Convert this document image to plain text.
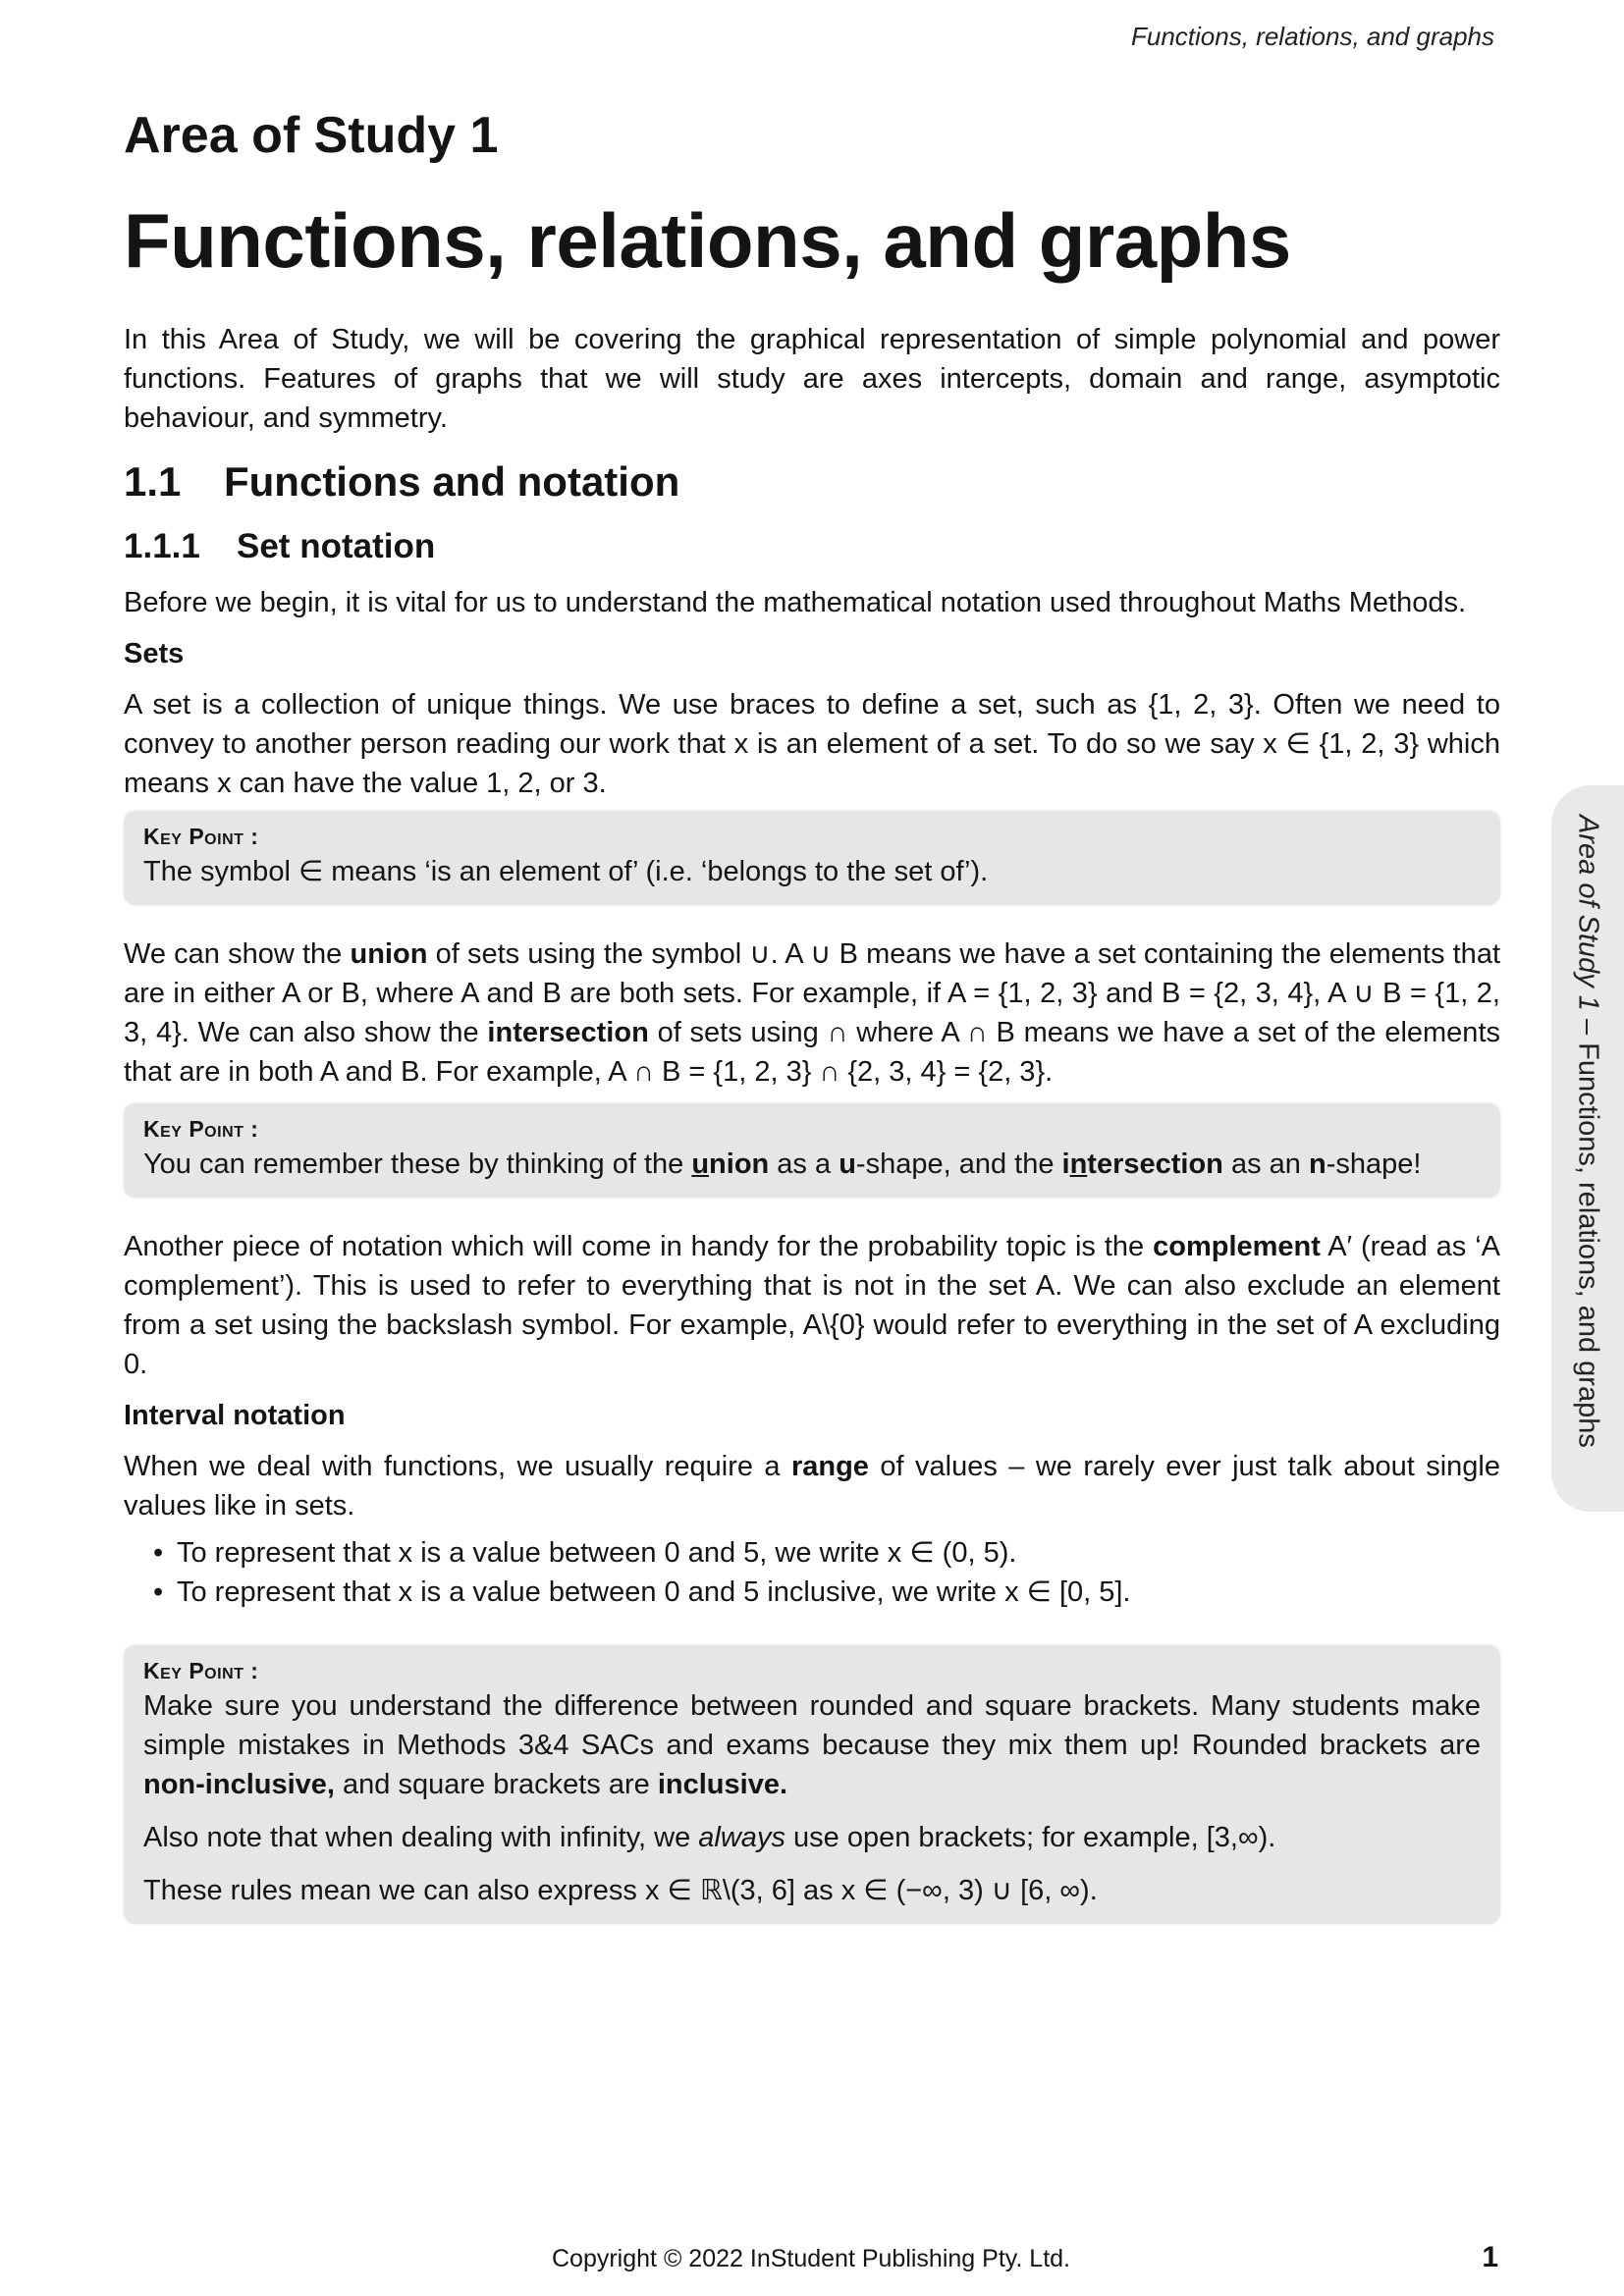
Functions, relations, and graphs
Area of Study 1
Functions, relations, and graphs

In this Area of Study, we will be covering the graphical representation of simple polynomial and power functions. Features of graphs that we will study are axes intercepts, domain and range, asymptotic behaviour, and symmetry.

1.1 Functions and notation
1.1.1 Set notation

Before we begin, it is vital for us to understand the mathematical notation used throughout Maths Methods.

Sets

A set is a collection of unique things. We use braces to define a set, such as {1, 2, 3}. Often we need to convey to another person reading our work that x is an element of a set. To do so we say x ∈ {1, 2, 3} which means x can have the value 1, 2, or 3.

Key Point :

The symbol ∈ means ‘is an element of’ (i.e. ‘belongs to the set of’).

We can show the union of sets using the symbol ∪. A ∪ B means we have a set containing the elements that are in either A or B, where A and B are both sets. For example, if A = {1, 2, 3} and B = {2, 3, 4}, A ∪ B = {1, 2, 3, 4}. We can also show the intersection of sets using ∩ where A ∩ B means we have a set of the elements that are in both A and B. For example, A ∩ B = {1, 2, 3} ∩ {2, 3, 4} = {2, 3}.

Key Point :

You can remember these by thinking of the union as a u-shape, and the intersection as an n-shape!

Another piece of notation which will come in handy for the probability topic is the complement A′ (read as ‘A complement’). This is used to refer to everything that is not in the set A. We can also exclude an element from a set using the backslash symbol. For example, A\{0} would refer to everything in the set of A excluding 0.

Interval notation

When we deal with functions, we usually require a range of values – we rarely ever just talk about single values like in sets.

• To represent that x is a value between 0 and 5, we write x ∈ (0, 5).
• To represent that x is a value between 0 and 5 inclusive, we write x ∈ [0, 5].
Key Point :

Make sure you understand the difference between rounded and square brackets. Many students make simple mistakes in Methods 3&4 SACs and exams because they mix them up! Rounded brackets are non-inclusive, and square brackets are inclusive.

Also note that when dealing with infinity, we always use open brackets; for example, [3,∞).

These rules mean we can also express x ∈ ℝ\(3, 6] as x ∈ (−∞, 3) ∪ [6, ∞).

Area of Study 1 – Functions, relations, and graphs
Copyright © 2022 InStudent Publishing Pty. Ltd.	1
